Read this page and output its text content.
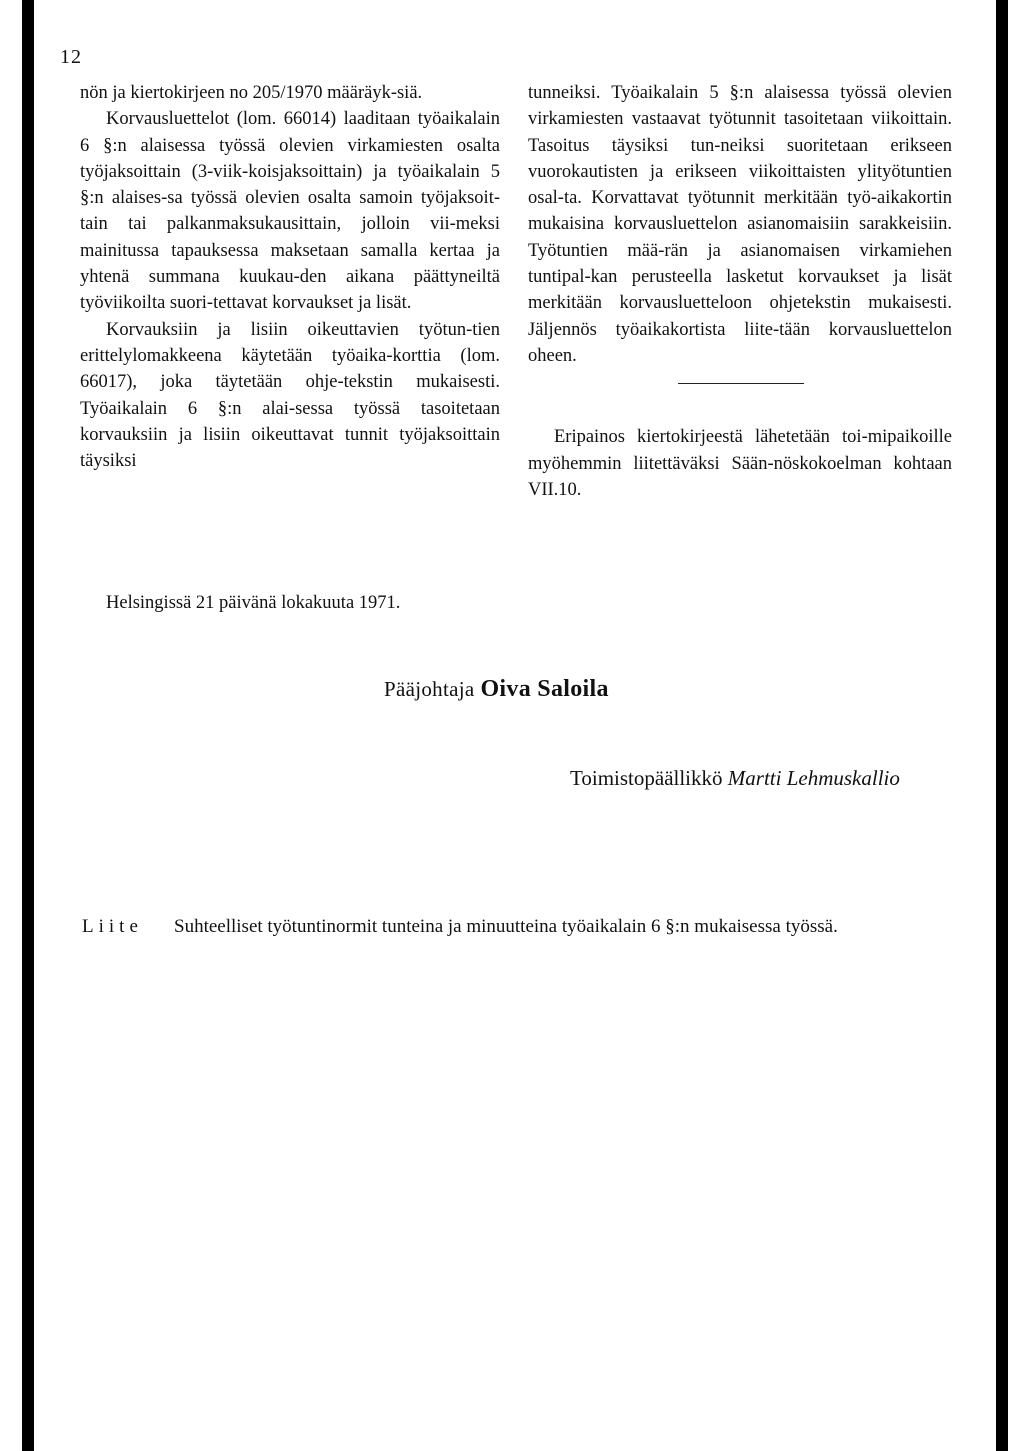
12

nön ja kiertokirjeen no 205/1970 määräyk-siä.

Korvausluettelot (lom. 66014) laaditaan työaikalain 6 §:n alaisessa työssä olevien virkamiesten osalta työjaksoittain (3-viik-koisjaksoittain) ja työaikalain 5 §:n alaises-sa työssä olevien osalta samoin työjaksoit-tain tai palkanmaksukausittain, jolloin vii-meksi mainitussa tapauksessa maksetaan samalla kertaa ja yhtenä summana kuukau-den aikana päättyneiltä työviikoilta suori-tettavat korvaukset ja lisät.

Korvauksiin ja lisiin oikeuttavien työtun-tien erittelylomakkeena käytetään työaika-korttia (lom. 66017), joka täytetään ohje-tekstin mukaisesti. Työaikalain 6 §:n alai-sessa työssä tasoitetaan korvauksiin ja lisiin oikeuttavat tunnit työjaksoittain täysiksi

tunneiksi. Työaikalain 5 §:n alaisessa työssä olevien virkamiesten vastaavat työtunnit tasoitetaan viikoittain. Tasoitus täysiksi tun-neiksi suoritetaan erikseen vuorokautisten ja erikseen viikoittaisten ylityötuntien osal-ta. Korvattavat työtunnit merkitään työ-aikakortin mukaisina korvausluettelon asianomaisiin sarakkeisiin. Työtuntien mää-rän ja asianomaisen virkamiehen tuntipal-kan perusteella lasketut korvaukset ja lisät merkitään korvausluetteloon ohjetekstin mukaisesti. Jäljennös työaikakortista liite-tään korvausluettelon oheen.

Eripainos kiertokirjeestä lähetetään toi-mipaikoille myöhemmin liitettäväksi Sään-nöskokoelman kohtaan VII.10.

Helsingissä 21 päivänä lokakuuta 1971.
Pääjohtaja Oiva Saloila
Toimistopäällikkö Martti Lehmuskallio
Liite	Suhteelliset työtuntinormit tunteina ja minuutteina työaikalain 6 §:n mukaisessa työssä.
